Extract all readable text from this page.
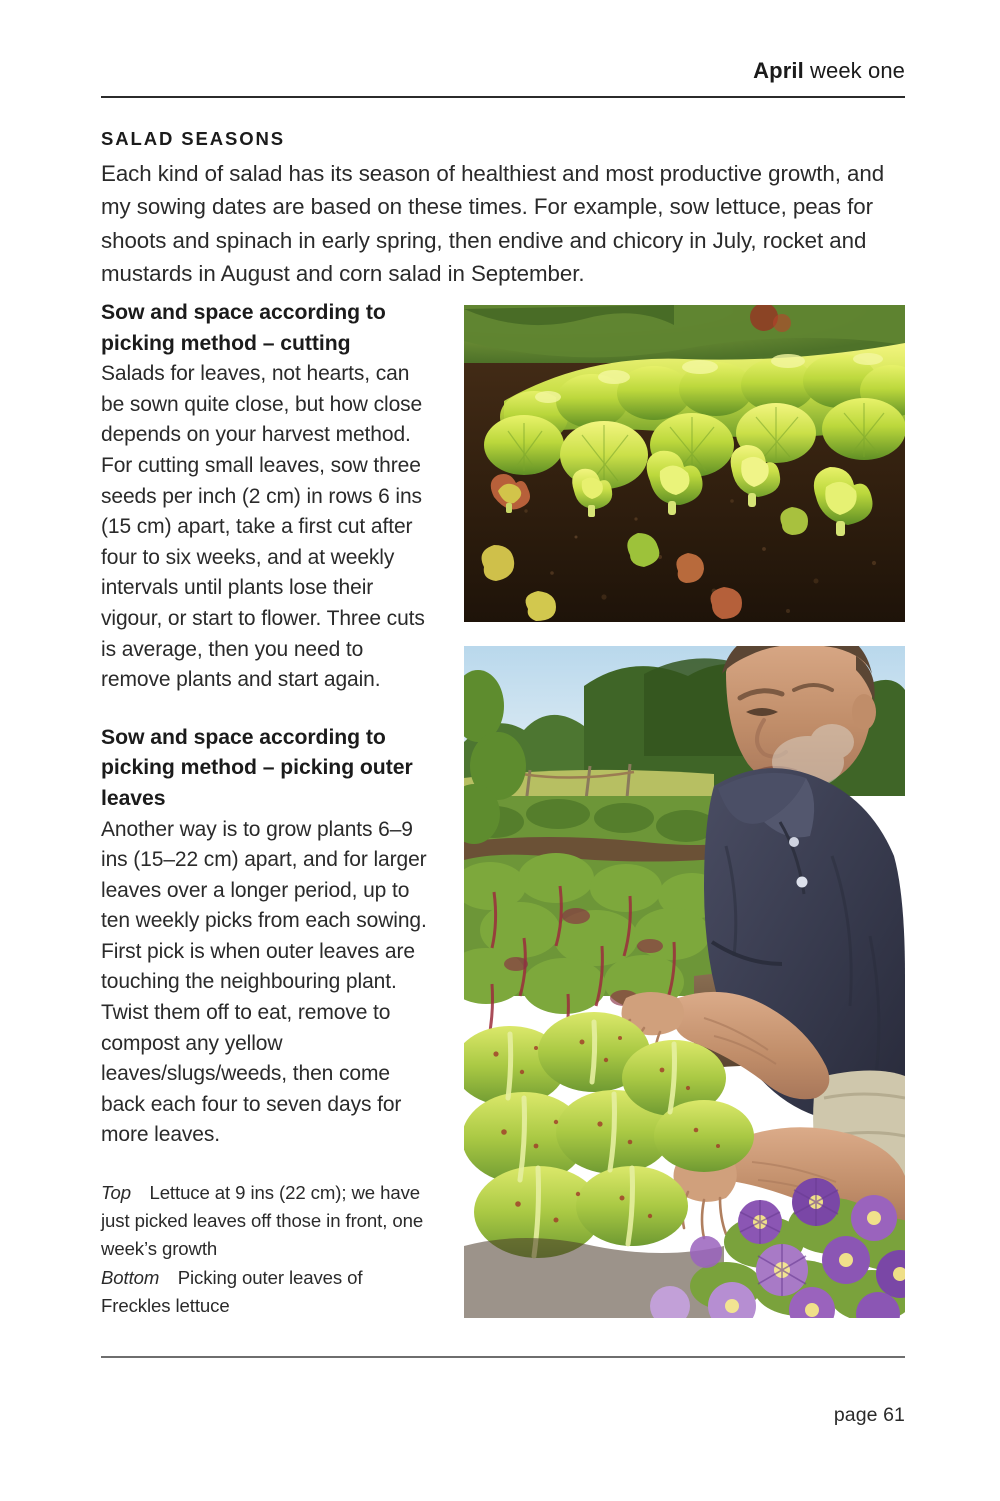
April week one
SALAD SEASONS
Each kind of salad has its season of healthiest and most productive growth, and my sowing dates are based on these times. For example, sow lettuce, peas for shoots and spinach in early spring, then endive and chicory in July, rocket and mustards in August and corn salad in September.
Sow and space according to picking method – cutting
Salads for leaves, not hearts, can be sown quite close, but how close depends on your harvest method. For cutting small leaves, sow three seeds per inch (2 cm) in rows 6 ins (15 cm) apart, take a first cut after four to six weeks, and at weekly intervals until plants lose their vigour, or start to flower. Three cuts is average, then you need to remove plants and start again.
Sow and space according to picking method – picking outer leaves
Another way is to grow plants 6–9 ins (15–22 cm) apart, and for larger leaves over a longer period, up to ten weekly picks from each sowing. First pick is when outer leaves are touching the neighbouring plant. Twist them off to eat, remove to compost any yellow leaves/slugs/weeds, then come back each four to seven days for more leaves.
Top Lettuce at 9 ins (22 cm); we have just picked leaves off those in front, one week’s growth
Bottom Picking outer leaves of Freckles lettuce
page 61
